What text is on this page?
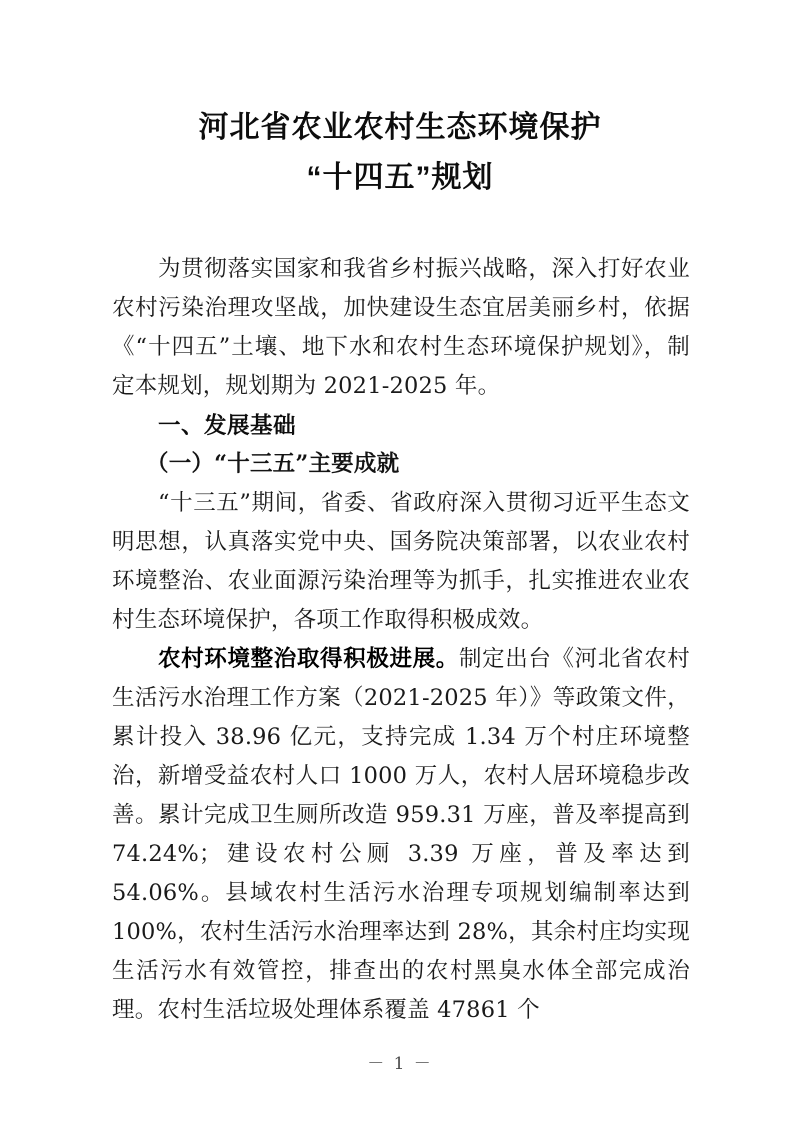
河北省农业农村生态环境保护
“十四五”规划

为贯彻落实国家和我省乡村振兴战略，深入打好农业农村污染治理攻坚战，加快建设生态宜居美丽乡村，依据《“十四五”土壤、地下水和农村生态环境保护规划》，制定本规划，规划期为 2021-2025 年。

一、发展基础
（一）“十三五”主要成就

“十三五”期间，省委、省政府深入贯彻习近平生态文明思想，认真落实党中央、国务院决策部署，以农业农村环境整治、农业面源污染治理等为抓手，扎实推进农业农村生态环境保护，各项工作取得积极成效。

农村环境整治取得积极进展。制定出台《河北省农村生活污水治理工作方案（2021-2025 年）》等政策文件，累计投入 38.96 亿元，支持完成 1.34 万个村庄环境整治，新增受益农村人口 1000 万人，农村人居环境稳步改善。累计完成卫生厕所改造 959.31 万座，普及率提高到 74.24%；建设农村公厕 3.39 万座，普及率达到 54.06%。县域农村生活污水治理专项规划编制率达到 100%，农村生活污水治理率达到 28%，其余村庄均实现生活污水有效管控，排查出的农村黑臭水体全部完成治理。农村生活垃圾处理体系覆盖 47861 个

－ 1 －
